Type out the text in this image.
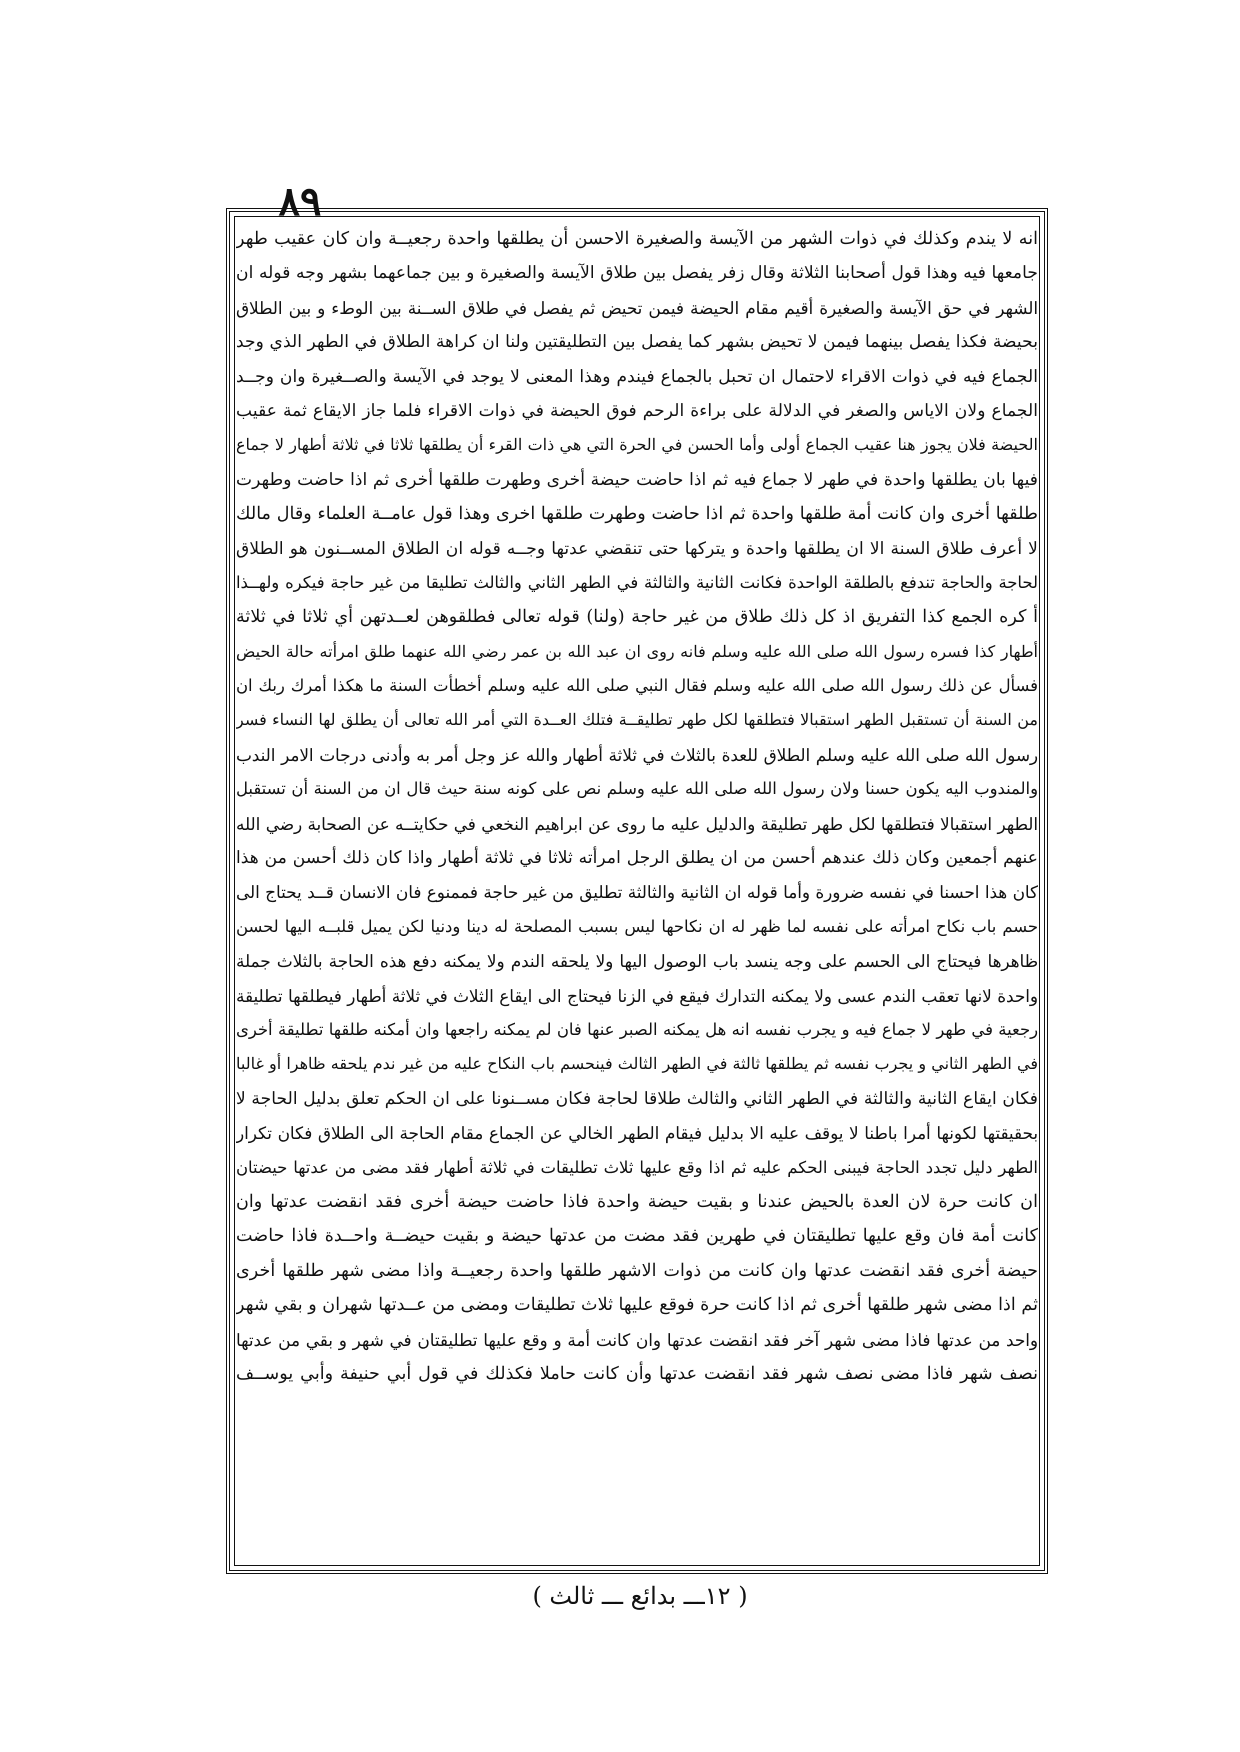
٨٩
انه لا يندم وكذلك في ذوات الشهر من الآيسة والصغيرة الاحسن أن يطلقها واحدة رجعيــة وان كان عقيب طهر
جامعها فيه وهذا قول أصحابنا الثلاثة وقال زفر يفصل بين طلاق الآيسة والصغيرة و بين جماعهما بشهر وجه قوله ان
الشهر في حق الآيسة والصغيرة أقيم مقام الحيضة فيمن تحيض ثم يفصل في طلاق الســنة بين الوطء و بين الطلاق
بحيضة فكذا يفصل بينهما فيمن لا تحيض بشهر كما يفصل بين التطليقتين ولنا ان كراهة الطلاق في الطهر الذي وجد
الجماع فيه في ذوات الاقراء لاحتمال ان تحبل بالجماع فيندم وهذا المعنى لا يوجد في الآيسة والصــغيرة وان وجــد
الجماع ولان الاياس والصغر في الدلالة على براءة الرحم فوق الحيضة في ذوات الاقراء فلما جاز الايقاع ثمة عقيب
الحيضة فلان يجوز هنا عقيب الجماع أولى وأما الحسن في الحرة التي هي ذات القرء أن يطلقها ثلاثا في ثلاثة أطهار لا جماع
فيها بان يطلقها واحدة في طهر لا جماع فيه ثم اذا حاضت حيضة أخرى وطهرت طلقها أخرى ثم اذا حاضت وطهرت
طلقها أخرى وان كانت أمة طلقها واحدة ثم اذا حاضت وطهرت طلقها اخرى وهذا قول عامــة العلماء وقال مالك
لا أعرف طلاق السنة الا ان يطلقها واحدة و يتركها حتى تنقضي عدتها وجــه قوله ان الطلاق المســنون هو الطلاق
لحاجة والحاجة تندفع بالطلقة الواحدة فكانت الثانية والثالثة في الطهر الثاني والثالث تطليقا من غير حاجة فيكره ولهــذا
أ كره الجمع كذا التفريق اذ كل ذلك طلاق من غير حاجة (ولنا) قوله تعالى فطلقوهن لعــدتهن أي ثلاثا في ثلاثة
أطهار كذا فسره رسول الله صلى الله عليه وسلم فانه روى ان عبد الله بن عمر رضي الله عنهما طلق امرأته حالة الحيض
فسأل عن ذلك رسول الله صلى الله عليه وسلم فقال النبي صلى الله عليه وسلم أخطأت السنة ما هكذا أمرك ربك ان
من السنة أن تستقبل الطهر استقبالا فتطلقها لكل طهر تطليقــة فتلك العــدة التي أمر الله تعالى أن يطلق لها النساء فسر
رسول الله صلى الله عليه وسلم الطلاق للعدة بالثلاث في ثلاثة أطهار والله عز وجل أمر به وأدنى درجات الامر الندب
والمندوب اليه يكون حسنا ولان رسول الله صلى الله عليه وسلم نص على كونه سنة حيث قال ان من السنة أن تستقبل
الطهر استقبالا فتطلقها لكل طهر تطليقة والدليل عليه ما روى عن ابراهيم النخعي في حكايتــه عن الصحابة رضي الله
عنهم أجمعين وكان ذلك عندهم أحسن من ان يطلق الرجل امرأته ثلاثا في ثلاثة أطهار واذا كان ذلك أحسن من هذا
كان هذا احسنا في نفسه ضرورة وأما قوله ان الثانية والثالثة تطليق من غير حاجة فممنوع فان الانسان قــد يحتاج الى
حسم باب نكاح امرأته على نفسه لما ظهر له ان نكاحها ليس بسبب المصلحة له دينا ودنيا لكن يميل قلبــه اليها لحسن
ظاهرها فيحتاج الى الحسم على وجه ينسد باب الوصول اليها ولا يلحقه الندم ولا يمكنه دفع هذه الحاجة بالثلاث جملة
واحدة لانها تعقب الندم عسى ولا يمكنه التدارك فيقع في الزنا فيحتاج الى ايقاع الثلاث في ثلاثة أطهار فيطلقها تطليقة
رجعية في طهر لا جماع فيه و يجرب نفسه انه هل يمكنه الصبر عنها فان لم يمكنه راجعها وان أمكنه طلقها تطليقة أخرى
في الطهر الثاني و يجرب نفسه ثم يطلقها ثالثة في الطهر الثالث فينحسم باب النكاح عليه من غير ندم يلحقه ظاهرا أو غالبا
فكان ايقاع الثانية والثالثة في الطهر الثاني والثالث طلاقا لحاجة فكان مســنونا على ان الحكم تعلق بدليل الحاجة لا
بحقيقتها لكونها أمرا باطنا لا يوقف عليه الا بدليل فيقام الطهر الخالي عن الجماع مقام الحاجة الى الطلاق فكان تكرار
الطهر دليل تجدد الحاجة فيبنى الحكم عليه ثم اذا وقع عليها ثلاث تطليقات في ثلاثة أطهار فقد مضى من عدتها حيضتان
ان كانت حرة لان العدة بالحيض عندنا و بقيت حيضة واحدة فاذا حاضت حيضة أخرى فقد انقضت عدتها وان
كانت أمة فان وقع عليها تطليقتان في طهرين فقد مضت من عدتها حيضة و بقيت حيضــة واحــدة فاذا حاضت
حيضة أخرى فقد انقضت عدتها وان كانت من ذوات الاشهر طلقها واحدة رجعيــة واذا مضى شهر طلقها أخرى
ثم اذا مضى شهر طلقها أخرى ثم اذا كانت حرة فوقع عليها ثلاث تطليقات ومضى من عــدتها شهران و بقي شهر
واحد من عدتها فاذا مضى شهر آخر فقد انقضت عدتها وان كانت أمة و وقع عليها تطليقتان في شهر و بقي من عدتها
نصف شهر فاذا مضى نصف شهر فقد انقضت عدتها وأن كانت حاملا فكذلك في قول أبي حنيفة وأبي يوســف
( ١٢ـــ بدائع ـــ ثالث )
